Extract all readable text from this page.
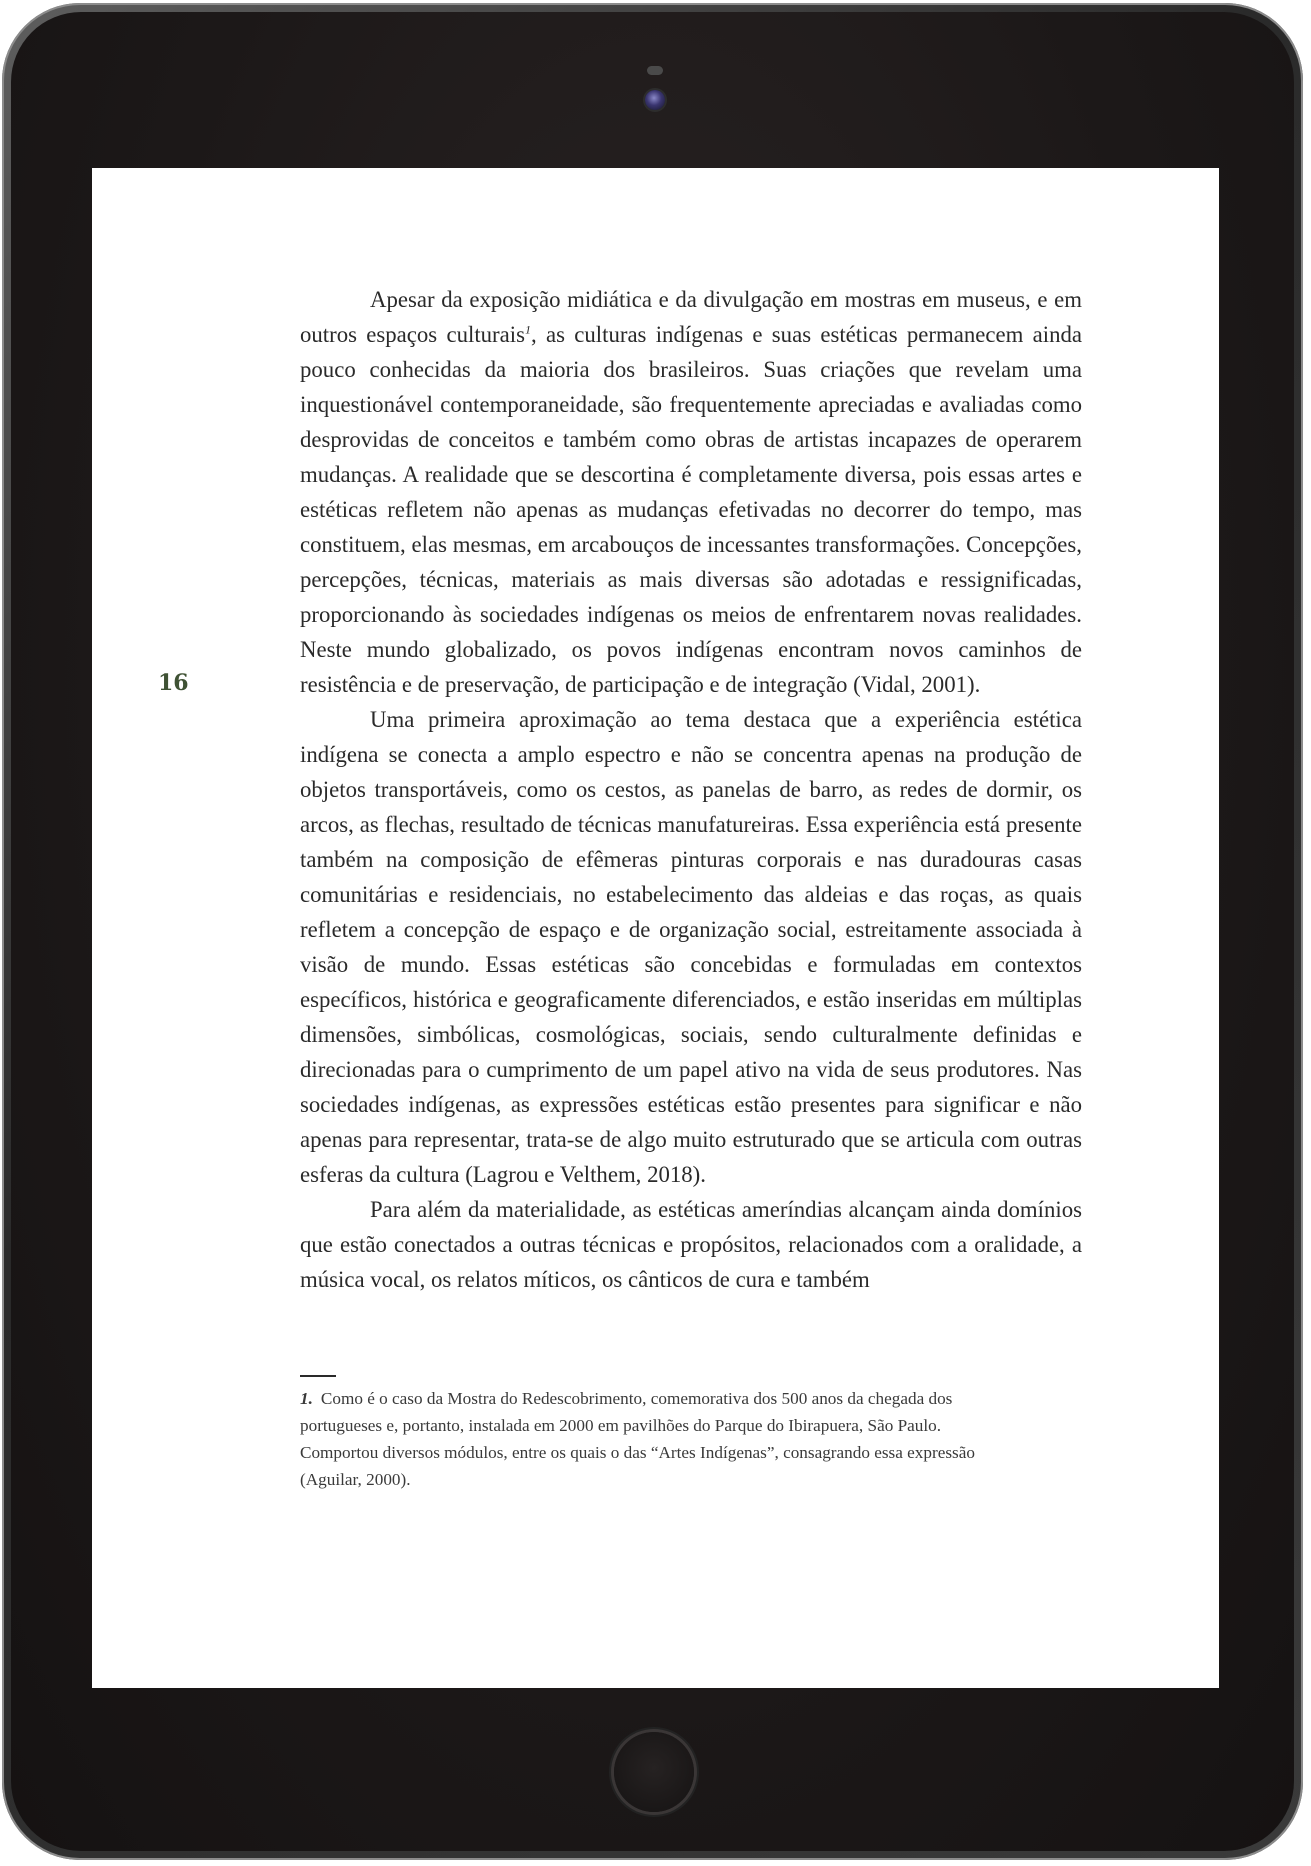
16

Apesar da exposição midiática e da divulgação em mostras em museus, e em outros espaços culturais$^1$, as culturas indígenas e suas estéticas permanecem ainda pouco conhecidas da maioria dos brasileiros. Suas criações que revelam uma inquestionável contemporaneidade, são frequentemente apreciadas e avaliadas como desprovidas de conceitos e também como obras de artistas incapazes de operarem mudanças. A realidade que se descortina é completamente diversa, pois essas artes e estéticas refletem não apenas as mudanças efetivadas no decorrer do tempo, mas constituem, elas mesmas, em arcabouços de incessantes transformações. Concepções, percepções, técnicas, materiais as mais diversas são adotadas e ressignificadas, proporcionando às sociedades indígenas os meios de enfrentarem novas realidades. Neste mundo globalizado, os povos indígenas encontram novos caminhos de resistência e de preservação, de participação e de integração (Vidal, 2001).

Uma primeira aproximação ao tema destaca que a experiência estética indígena se conecta a amplo espectro e não se concentra apenas na produção de objetos transportáveis, como os cestos, as panelas de barro, as redes de dormir, os arcos, as flechas, resultado de técnicas manufatureiras. Essa experiência está presente também na composição de efêmeras pinturas corporais e nas duradouras casas comunitárias e residenciais, no estabelecimento das aldeias e das roças, as quais refletem a concepção de espaço e de organização social, estreitamente associada à visão de mundo. Essas estéticas são concebidas e formuladas em contextos específicos, histórica e geograficamente diferenciados, e estão inseridas em múltiplas dimensões, simbólicas, cosmológicas, sociais, sendo culturalmente definidas e direcionadas para o cumprimento de um papel ativo na vida de seus produtores. Nas sociedades indígenas, as expressões estéticas estão presentes para significar e não apenas para representar, trata-se de algo muito estruturado que se articula com outras esferas da cultura (Lagrou e Velthem, 2018).

Para além da materialidade, as estéticas ameríndias alcançam ainda domínios que estão conectados a outras técnicas e propósitos, relacionados com a oralidade, a música vocal, os relatos míticos, os cânticos de cura e também

1. Como é o caso da Mostra do Redescobrimento, comemorativa dos 500 anos da chegada dos portugueses e, portanto, instalada em 2000 em pavilhões do Parque do Ibirapuera, São Paulo. Comportou diversos módulos, entre os quais o das “Artes Indígenas”, consagrando essa expressão (Aguilar, 2000).
